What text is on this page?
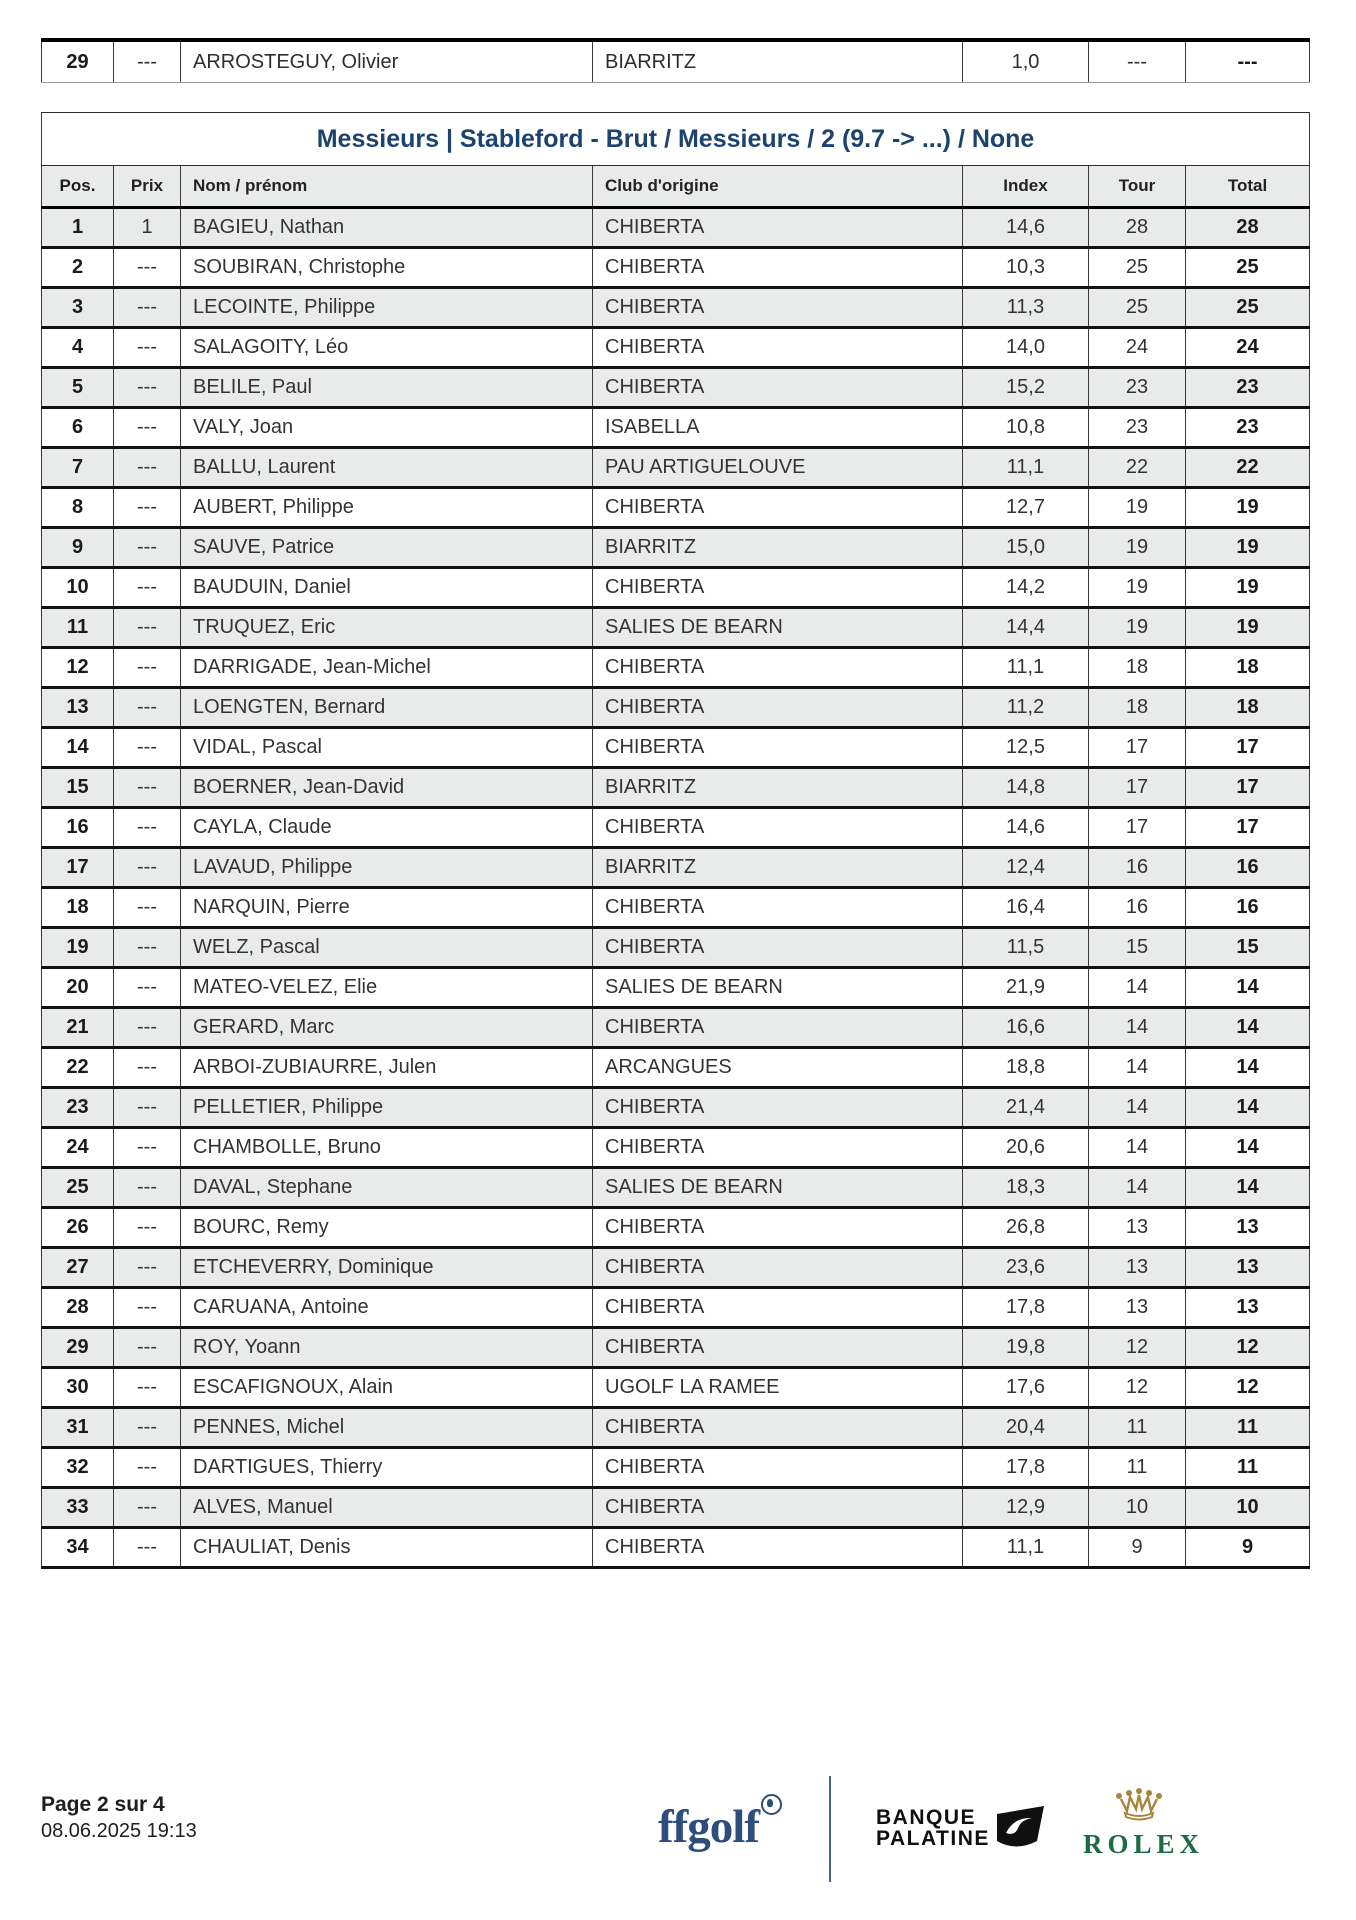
29	---	ARROSTEGUY, Olivier	BIARRITZ	1,0	---	---
Messieurs | Stableford - Brut / Messieurs / 2 (9.7 -> ...) / None						
Pos.	Prix	Nom / prénom	Club d'origine	Index	Tour	Total
1	1	BAGIEU, Nathan	CHIBERTA	14,6	28	28
2	---	SOUBIRAN, Christophe	CHIBERTA	10,3	25	25
3	---	LECOINTE, Philippe	CHIBERTA	11,3	25	25
4	---	SALAGOITY, Léo	CHIBERTA	14,0	24	24
5	---	BELILE, Paul	CHIBERTA	15,2	23	23
6	---	VALY, Joan	ISABELLA	10,8	23	23
7	---	BALLU, Laurent	PAU ARTIGUELOUVE	11,1	22	22
8	---	AUBERT, Philippe	CHIBERTA	12,7	19	19
9	---	SAUVE, Patrice	BIARRITZ	15,0	19	19
10	---	BAUDUIN, Daniel	CHIBERTA	14,2	19	19
11	---	TRUQUEZ, Eric	SALIES DE BEARN	14,4	19	19
12	---	DARRIGADE, Jean-Michel	CHIBERTA	11,1	18	18
13	---	LOENGTEN, Bernard	CHIBERTA	11,2	18	18
14	---	VIDAL, Pascal	CHIBERTA	12,5	17	17
15	---	BOERNER, Jean-David	BIARRITZ	14,8	17	17
16	---	CAYLA, Claude	CHIBERTA	14,6	17	17
17	---	LAVAUD, Philippe	BIARRITZ	12,4	16	16
18	---	NARQUIN, Pierre	CHIBERTA	16,4	16	16
19	---	WELZ, Pascal	CHIBERTA	11,5	15	15
20	---	MATEO-VELEZ, Elie	SALIES DE BEARN	21,9	14	14
21	---	GERARD, Marc	CHIBERTA	16,6	14	14
22	---	ARBOI-ZUBIAURRE, Julen	ARCANGUES	18,8	14	14
23	---	PELLETIER, Philippe	CHIBERTA	21,4	14	14
24	---	CHAMBOLLE, Bruno	CHIBERTA	20,6	14	14
25	---	DAVAL, Stephane	SALIES DE BEARN	18,3	14	14
26	---	BOURC, Remy	CHIBERTA	26,8	13	13
27	---	ETCHEVERRY, Dominique	CHIBERTA	23,6	13	13
28	---	CARUANA, Antoine	CHIBERTA	17,8	13	13
29	---	ROY, Yoann	CHIBERTA	19,8	12	12
30	---	ESCAFIGNOUX, Alain	UGOLF LA RAMEE	17,6	12	12
31	---	PENNES, Michel	CHIBERTA	20,4	11	11
32	---	DARTIGUES, Thierry	CHIBERTA	17,8	11	11
33	---	ALVES, Manuel	CHIBERTA	12,9	10	10
34	---	CHAULIAT, Denis	CHIBERTA	11,1	9	9
Page 2 sur 4
08.06.2025 19:13	ffgolf	BANQUE
PALATINE	ROLEX
